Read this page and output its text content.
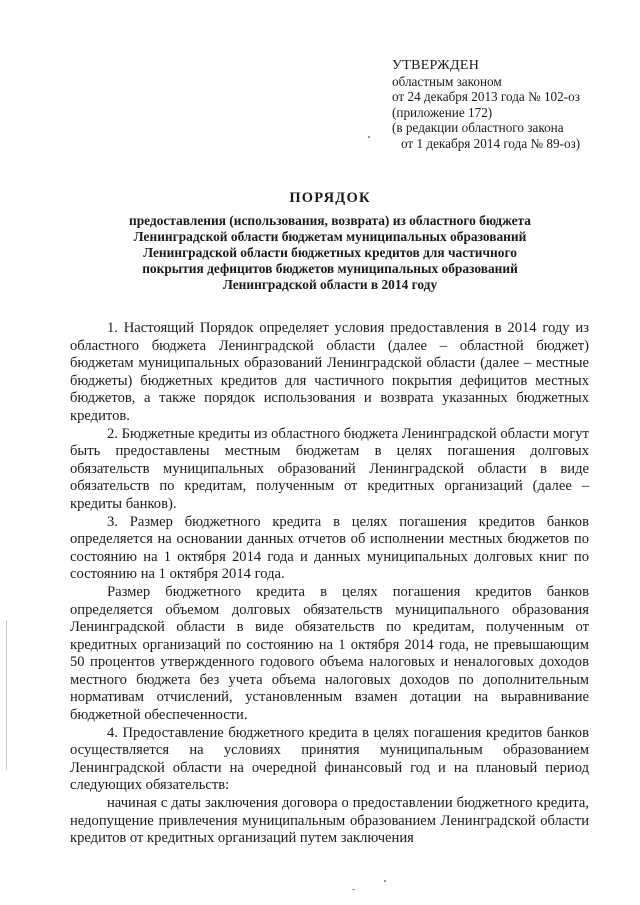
УТВЕРЖДЕН
областным законом
от 24 декабря 2013 года № 102-оз
(приложение 172)
(в редакции областного закона
от 1 декабря 2014 года № 89-оз)
ПОРЯДОК
предоставления (использования, возврата) из областного бюджета
Ленинградской области бюджетам муниципальных образований
Ленинградской области бюджетных кредитов для частичного
покрытия дефицитов бюджетов муниципальных образований
Ленинградской области в 2014 году

1. Настоящий Порядок определяет условия предоставления в 2014 году из областного бюджета Ленинградской области (далее – областной бюджет) бюджетам муниципальных образований Ленинградской области (далее – местные бюджеты) бюджетных кредитов для частичного покрытия дефицитов местных бюджетов, а также порядок использования и возврата указанных бюджетных кредитов.

2. Бюджетные кредиты из областного бюджета Ленинградской области могут быть предоставлены местным бюджетам в целях погашения долговых обязательств муниципальных образований Ленинградской области в виде обязательств по кредитам, полученным от кредитных организаций (далее – кредиты банков).

3. Размер бюджетного кредита в целях погашения кредитов банков определяется на основании данных отчетов об исполнении местных бюджетов по состоянию на 1 октября 2014 года и данных муниципальных долговых книг по состоянию на 1 октября 2014 года.

Размер бюджетного кредита в целях погашения кредитов банков определяется объемом долговых обязательств муниципального образования Ленинградской области в виде обязательств по кредитам, полученным от кредитных организаций по состоянию на 1 октября 2014 года, не превышающим 50 процентов утвержденного годового объема налоговых и неналоговых доходов местного бюджета без учета объема налоговых доходов по дополнительным нормативам отчислений, установленным взамен дотации на выравнивание бюджетной обеспеченности.

4. Предоставление бюджетного кредита в целях погашения кредитов банков осуществляется на условиях принятия муниципальным образованием Ленинградской области на очередной финансовый год и на плановый период следующих обязательств:

начиная с даты заключения договора о предоставлении бюджетного кредита, недопущение привлечения муниципальным образованием Ленинградской области кредитов от кредитных организаций путем заключения
